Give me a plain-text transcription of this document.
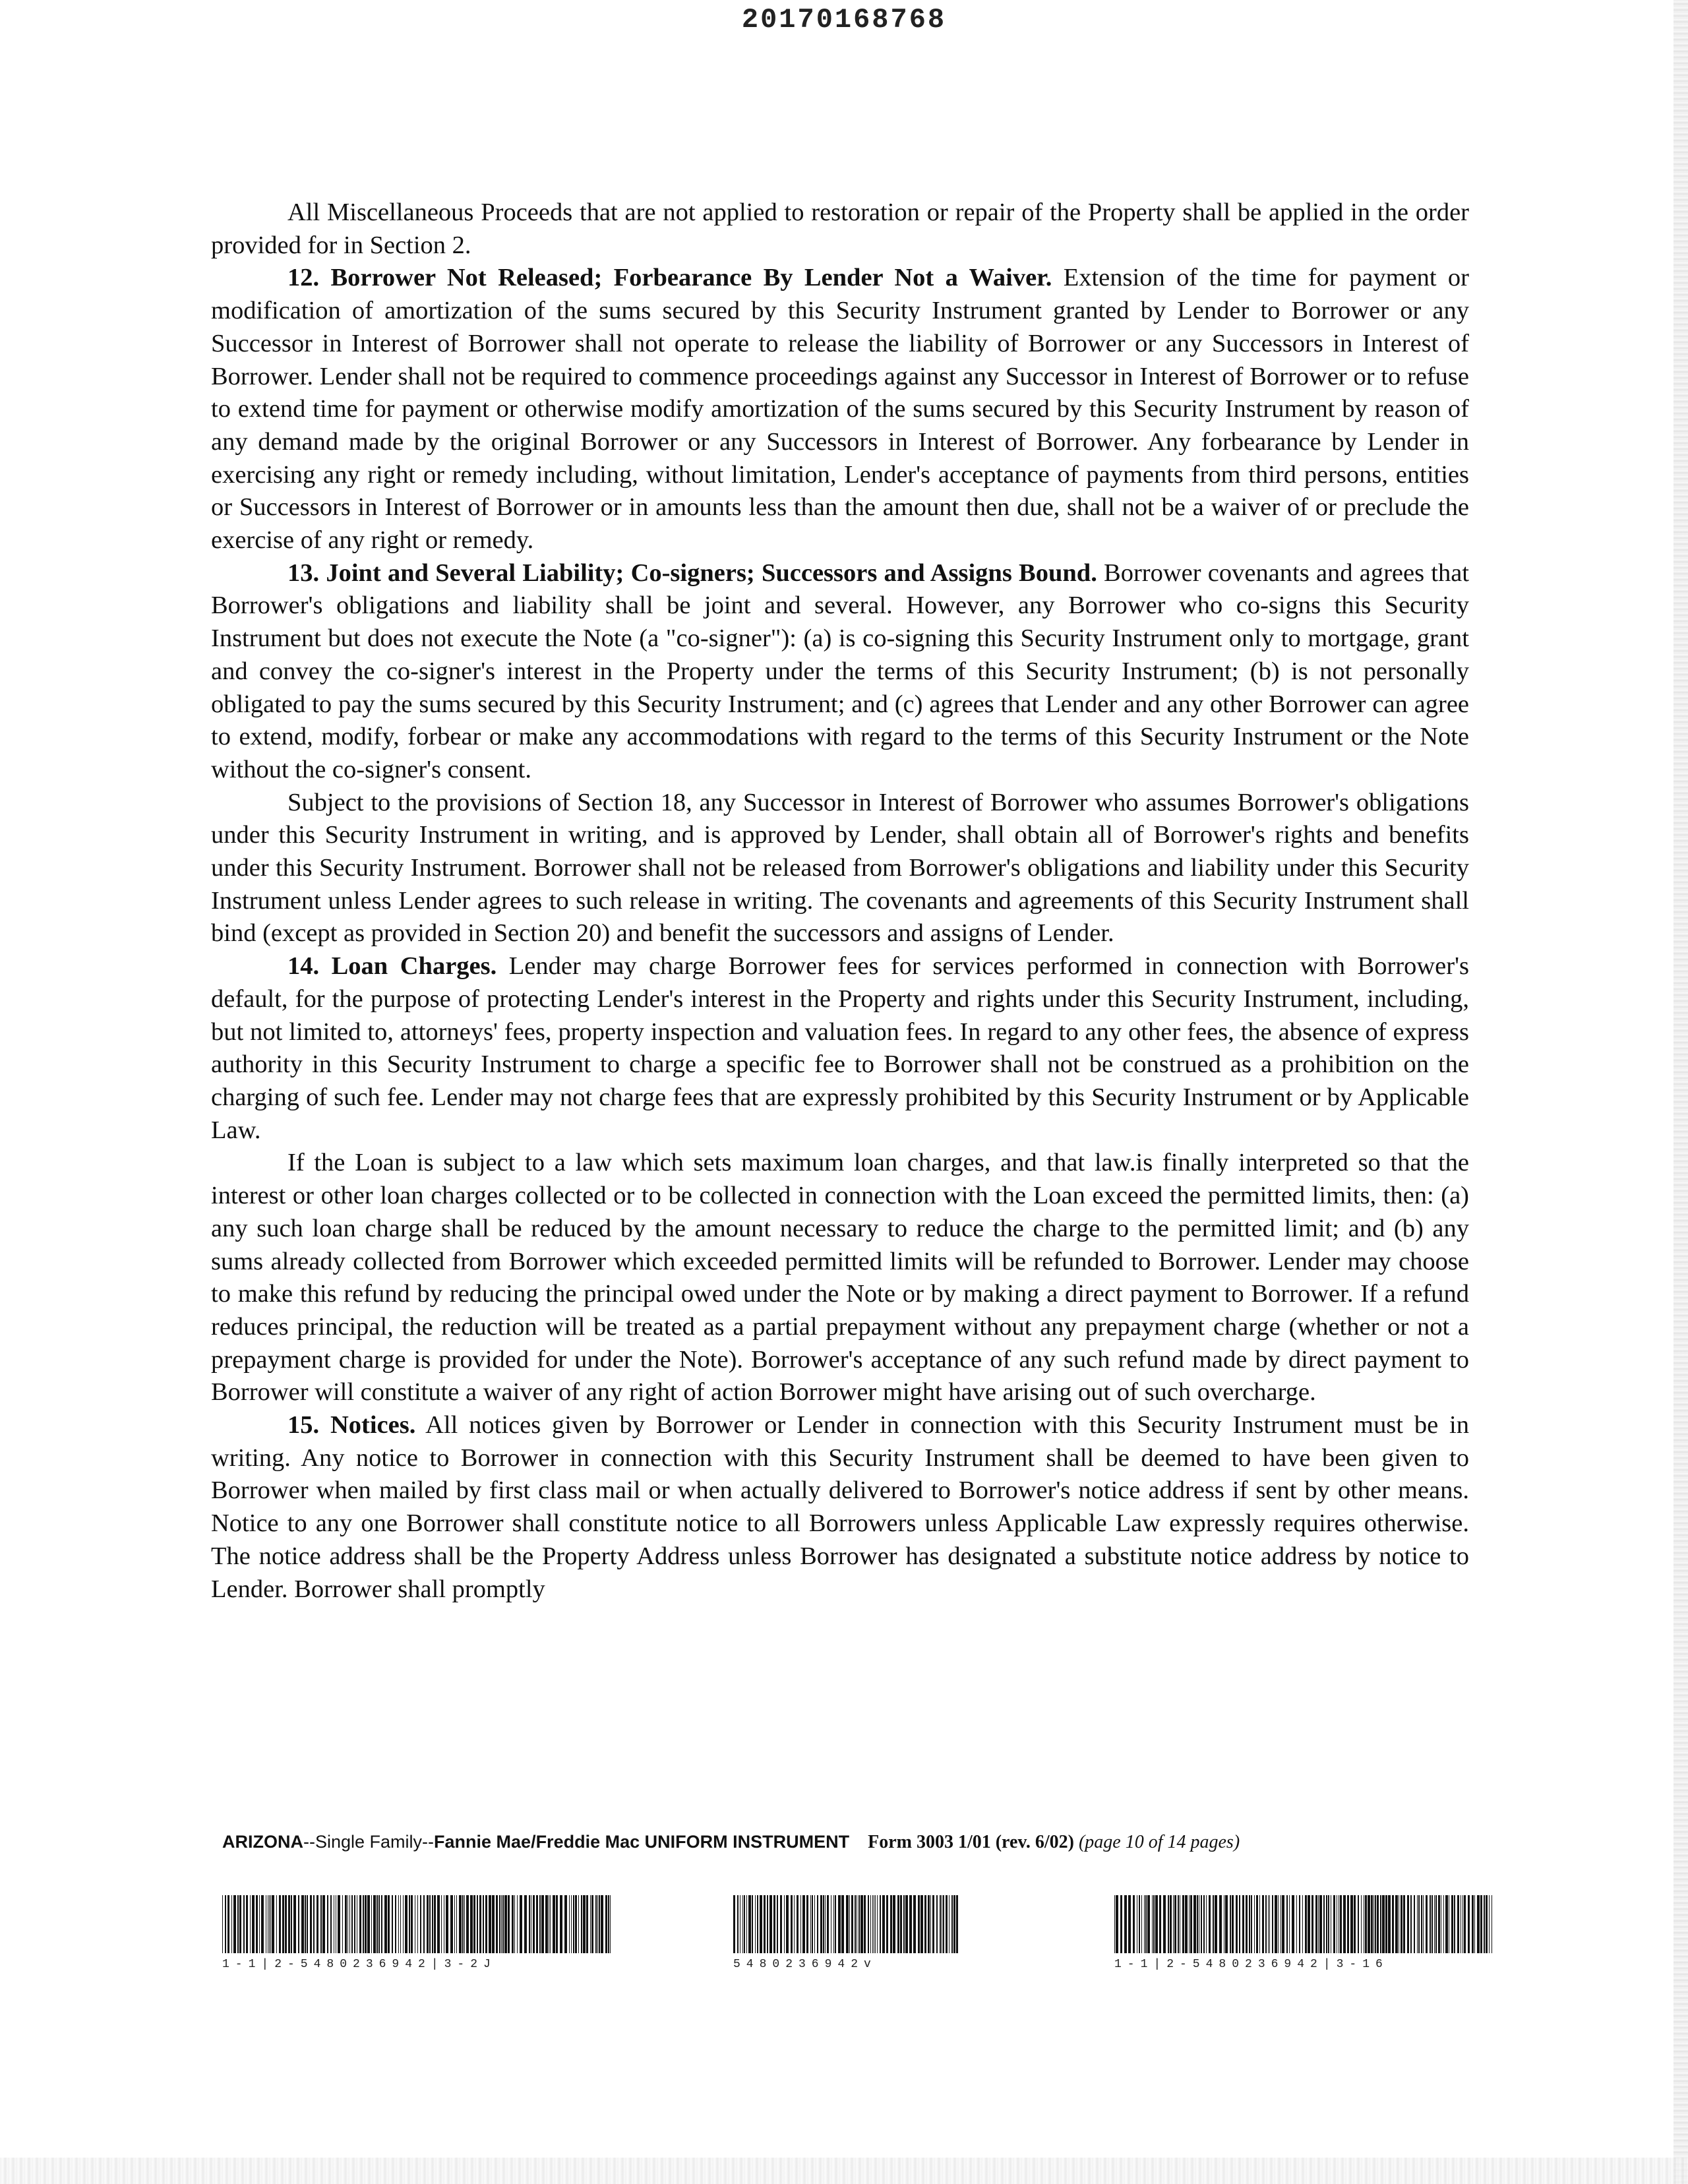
20170168768

All Miscellaneous Proceeds that are not applied to restoration or repair of the Property shall be applied in the order provided for in Section 2.

12. Borrower Not Released; Forbearance By Lender Not a Waiver. Extension of the time for payment or modification of amortization of the sums secured by this Security Instrument granted by Lender to Borrower or any Successor in Interest of Borrower shall not operate to release the liability of Borrower or any Successors in Interest of Borrower. Lender shall not be required to commence proceedings against any Successor in Interest of Borrower or to refuse to extend time for payment or otherwise modify amortization of the sums secured by this Security Instrument by reason of any demand made by the original Borrower or any Successors in Interest of Borrower. Any forbearance by Lender in exercising any right or remedy including, without limitation, Lender's acceptance of payments from third persons, entities or Successors in Interest of Borrower or in amounts less than the amount then due, shall not be a waiver of or preclude the exercise of any right or remedy.

13. Joint and Several Liability; Co-signers; Successors and Assigns Bound. Borrower covenants and agrees that Borrower's obligations and liability shall be joint and several. However, any Borrower who co-signs this Security Instrument but does not execute the Note (a "co-signer"): (a) is co-signing this Security Instrument only to mortgage, grant and convey the co-signer's interest in the Property under the terms of this Security Instrument; (b) is not personally obligated to pay the sums secured by this Security Instrument; and (c) agrees that Lender and any other Borrower can agree to extend, modify, forbear or make any accommodations with regard to the terms of this Security Instrument or the Note without the co-signer's consent.

Subject to the provisions of Section 18, any Successor in Interest of Borrower who assumes Borrower's obligations under this Security Instrument in writing, and is approved by Lender, shall obtain all of Borrower's rights and benefits under this Security Instrument. Borrower shall not be released from Borrower's obligations and liability under this Security Instrument unless Lender agrees to such release in writing. The covenants and agreements of this Security Instrument shall bind (except as provided in Section 20) and benefit the successors and assigns of Lender.

14. Loan Charges. Lender may charge Borrower fees for services performed in connection with Borrower's default, for the purpose of protecting Lender's interest in the Property and rights under this Security Instrument, including, but not limited to, attorneys' fees, property inspection and valuation fees. In regard to any other fees, the absence of express authority in this Security Instrument to charge a specific fee to Borrower shall not be construed as a prohibition on the charging of such fee. Lender may not charge fees that are expressly prohibited by this Security Instrument or by Applicable Law.

If the Loan is subject to a law which sets maximum loan charges, and that law.is finally interpreted so that the interest or other loan charges collected or to be collected in connection with the Loan exceed the permitted limits, then: (a) any such loan charge shall be reduced by the amount necessary to reduce the charge to the permitted limit; and (b) any sums already collected from Borrower which exceeded permitted limits will be refunded to Borrower. Lender may choose to make this refund by reducing the principal owed under the Note or by making a direct payment to Borrower. If a refund reduces principal, the reduction will be treated as a partial prepayment without any prepayment charge (whether or not a prepayment charge is provided for under the Note). Borrower's acceptance of any such refund made by direct payment to Borrower will constitute a waiver of any right of action Borrower might have arising out of such overcharge.

15. Notices. All notices given by Borrower or Lender in connection with this Security Instrument must be in writing. Any notice to Borrower in connection with this Security Instrument shall be deemed to have been given to Borrower when mailed by first class mail or when actually delivered to Borrower's notice address if sent by other means. Notice to any one Borrower shall constitute notice to all Borrowers unless Applicable Law expressly requires otherwise. The notice address shall be the Property Address unless Borrower has designated a substitute notice address by notice to Lender. Borrower shall promptly

ARIZONA--Single Family--Fannie Mae/Freddie Mac UNIFORM INSTRUMENT Form 3003 1/01 (rev. 6/02) (page 10 of 14 pages)
1-1|2-5480236942|3-2J	5480236942v	1-1|2-5480236942|3-16
